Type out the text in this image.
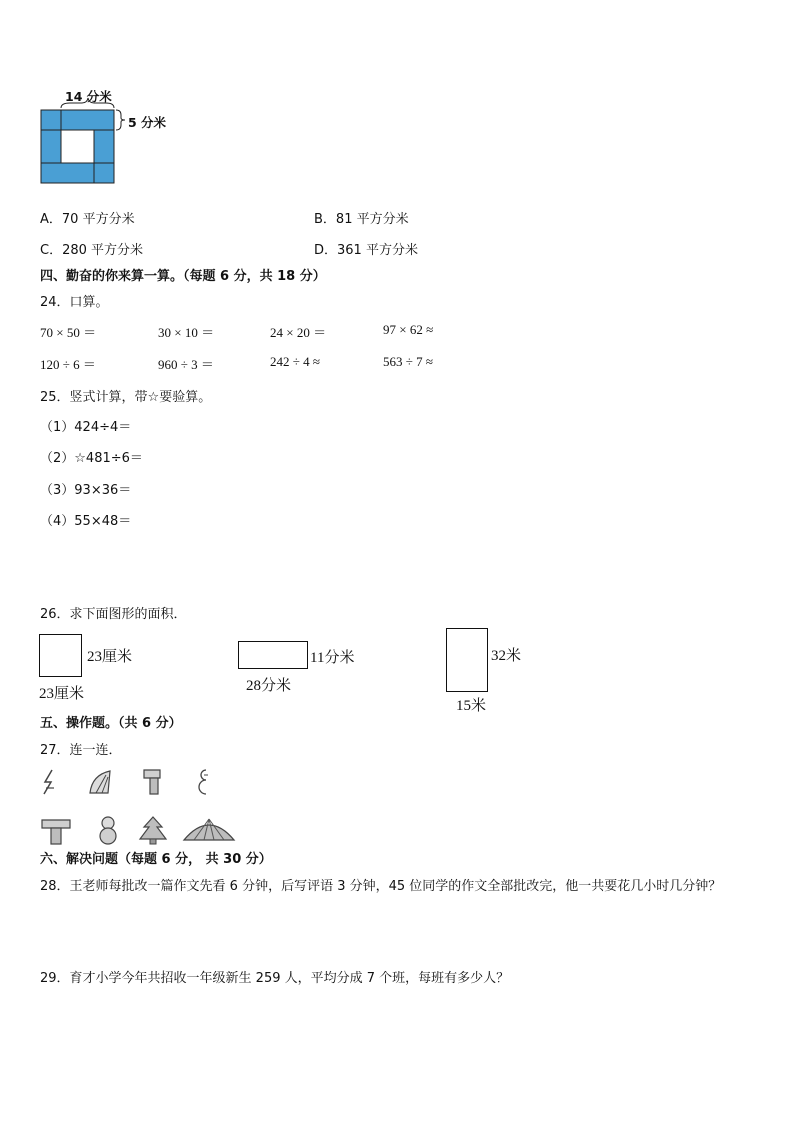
14 分米
5 分米
A．70 平方分米	B．81 平方分米
C．280 平方分米	D．361 平方分米
四、勤奋的你来算一算。（每题 6 分，共 18 分）
24．口算。
70 × 50 ＝	30 × 10 ＝	24 × 20 ＝	97 × 62 ≈
120 ÷ 6 ＝	960 ÷ 3 ＝	242 ÷ 4 ≈	563 ÷ 7 ≈
25．竖式计算，带☆要验算。
（1）424÷4＝
（2）☆481÷6＝
（3）93×36＝
（4）55×48＝
26．求下面图形的面积．
23厘米
23厘米
11分米
28分米
32米
15米
五、操作题。（共 6 分）
27．连一连．
六、解决问题（每题 6 分， 共 30 分）
28．王老师每批改一篇作文先看 6 分钟，后写评语 3 分钟，45 位同学的作文全部批改完，他一共要花几小时几分钟？
29．育才小学今年共招收一年级新生 259 人，平均分成 7 个班，每班有多少人？
